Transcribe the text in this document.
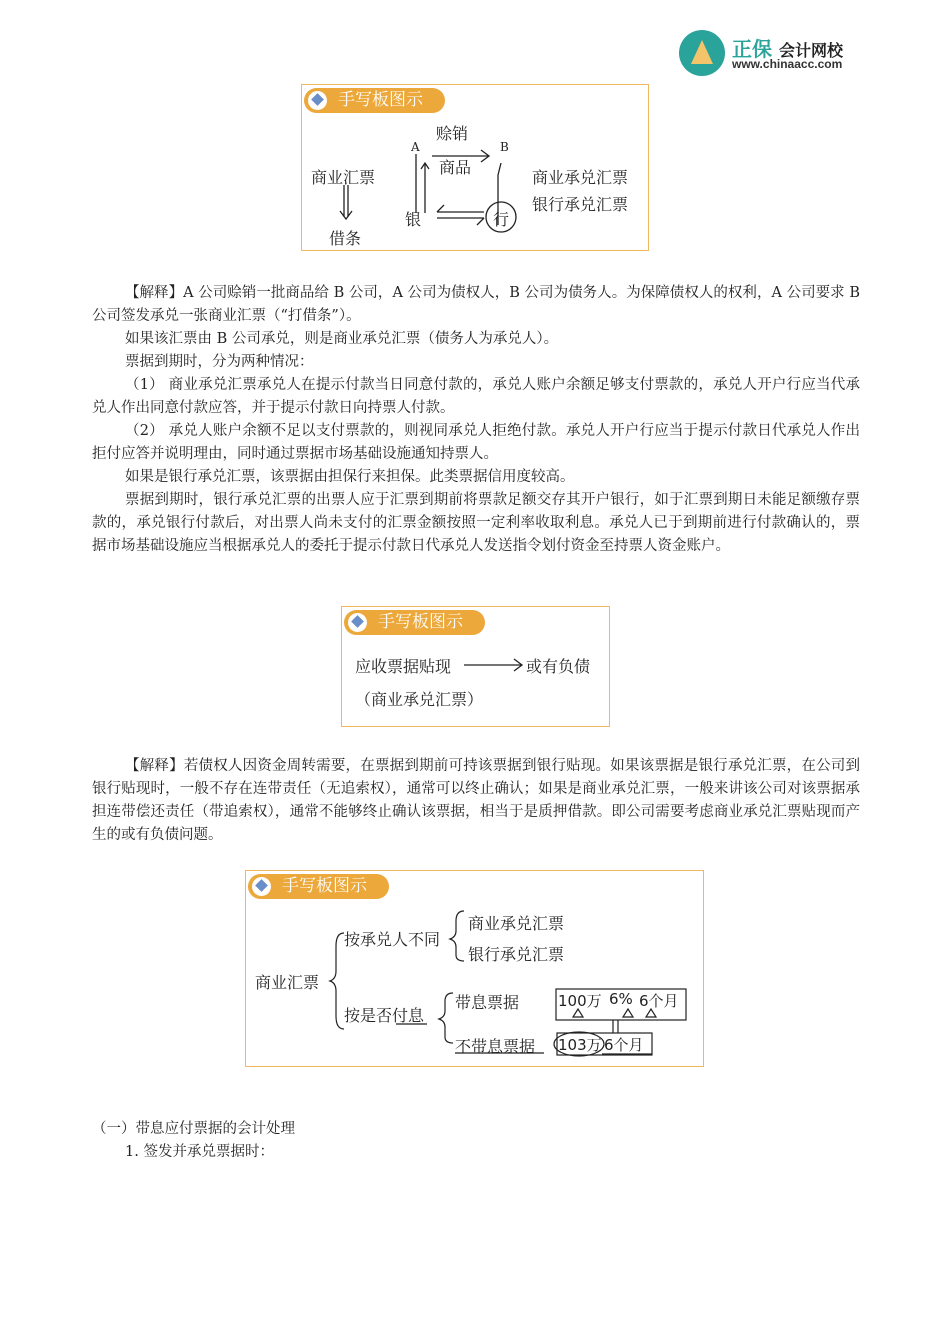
正保 会计网校
www.chinaacc.com
手写板图示
赊销
A	B
商品
商业汇票
借条
银	行
商业承兑汇票
银行承兑汇票
【解释】A 公司赊销一批商品给 B 公司，A 公司为债权人，B 公司为债务人。为保障债权人的权利，A 公司要求 B 公司签发承兑一张商业汇票（“打借条”）。
如果该汇票由 B 公司承兑，则是商业承兑汇票（债务人为承兑人）。
票据到期时，分为两种情况：
（1） 商业承兑汇票承兑人在提示付款当日同意付款的，承兑人账户余额足够支付票款的，承兑人开户行应当代承兑人作出同意付款应答，并于提示付款日向持票人付款。
（2） 承兑人账户余额不足以支付票款的，则视同承兑人拒绝付款。承兑人开户行应当于提示付款日代承兑人作出拒付应答并说明理由，同时通过票据市场基础设施通知持票人。
如果是银行承兑汇票，该票据由担保行来担保。此类票据信用度较高。
票据到期时，银行承兑汇票的出票人应于汇票到期前将票款足额交存其开户银行，如于汇票到期日未能足额缴存票款的，承兑银行付款后，对出票人尚未支付的汇票金额按照一定利率收取利息。承兑人已于到期前进行付款确认的，票据市场基础设施应当根据承兑人的委托于提示付款日代承兑人发送指令划付资金至持票人资金账户。
手写板图示
应收票据贴现	或有负债
（商业承兑汇票）
【解释】若债权人因资金周转需要，在票据到期前可持该票据到银行贴现。如果该票据是银行承兑汇票，在公司到银行贴现时，一般不存在连带责任（无追索权），通常可以终止确认；如果是商业承兑汇票，一般来讲该公司对该票据承担连带偿还责任（带追索权），通常不能够终止确认该票据，相当于是质押借款。即公司需要考虑商业承兑汇票贴现而产生的或有负债问题。
手写板图示
商业汇票
按承兑人不同
商业承兑汇票
银行承兑汇票
按是否付息
带息票据
不带息票据
100万 6% 6个月
103万 6个月
（一）带息应付票据的会计处理
1. 签发并承兑票据时：
